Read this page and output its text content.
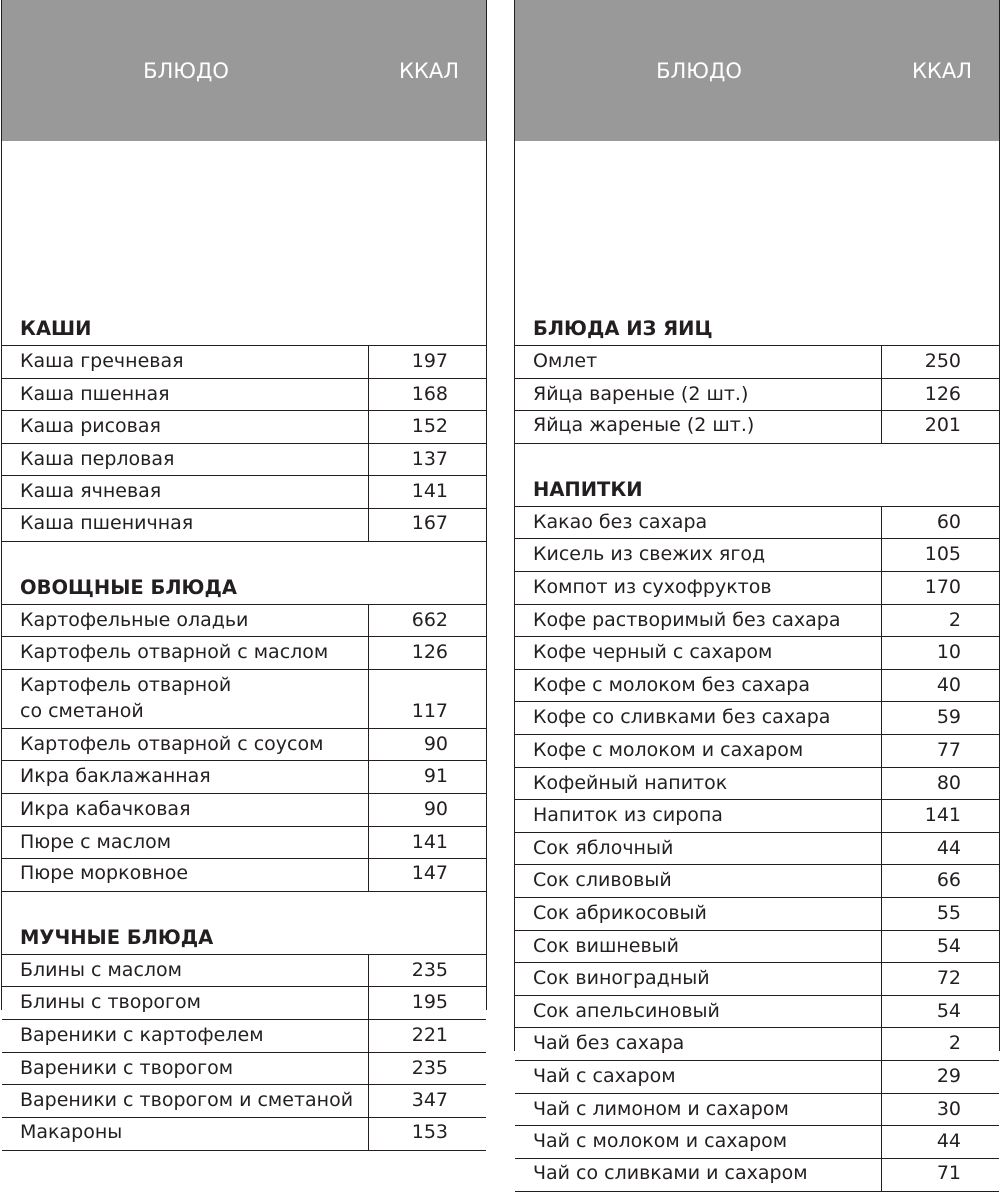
БЛЮДО	ККАЛ
КАШИ
Каша гречневая	197
Каша пшенная	168
Каша рисовая	152
Каша перловая	137
Каша ячневая	141
Каша пшеничная	167
ОВОЩНЫЕ БЛЮДА
Картофельные оладьи	662
Картофель отварной с маслом	126
Картофель отварной
со сметаной	117
Картофель отварной с соусом	90
Икра баклажанная	91
Икра кабачковая	90
Пюре с маслом	141
Пюре морковное	147
МУЧНЫЕ БЛЮДА
Блины с маслом	235
Блины с творогом	195
Вареники с картофелем	221
Вареники с творогом	235
Вареники с творогом и сметаной	347
Макароны	153
БЛЮДО	ККАЛ
БЛЮДА ИЗ ЯИЦ
Омлет	250
Яйца вареные (2 шт.)	126
Яйца жареные (2 шт.)	201
НАПИТКИ
Какао без сахара	60
Кисель из свежих ягод	105
Компот из сухофруктов	170
Кофе растворимый без сахара	2
Кофе черный с сахаром	10
Кофе с молоком без сахара	40
Кофе со сливками без сахара	59
Кофе с молоком и сахаром	77
Кофейный напиток	80
Напиток из сиропа	141
Сок яблочный	44
Сок сливовый	66
Сок абрикосовый	55
Сок вишневый	54
Сок виноградный	72
Сок апельсиновый	54
Чай без сахара	2
Чай с сахаром	29
Чай с лимоном и сахаром	30
Чай с молоком и сахаром	44
Чай со сливками и сахаром	71
